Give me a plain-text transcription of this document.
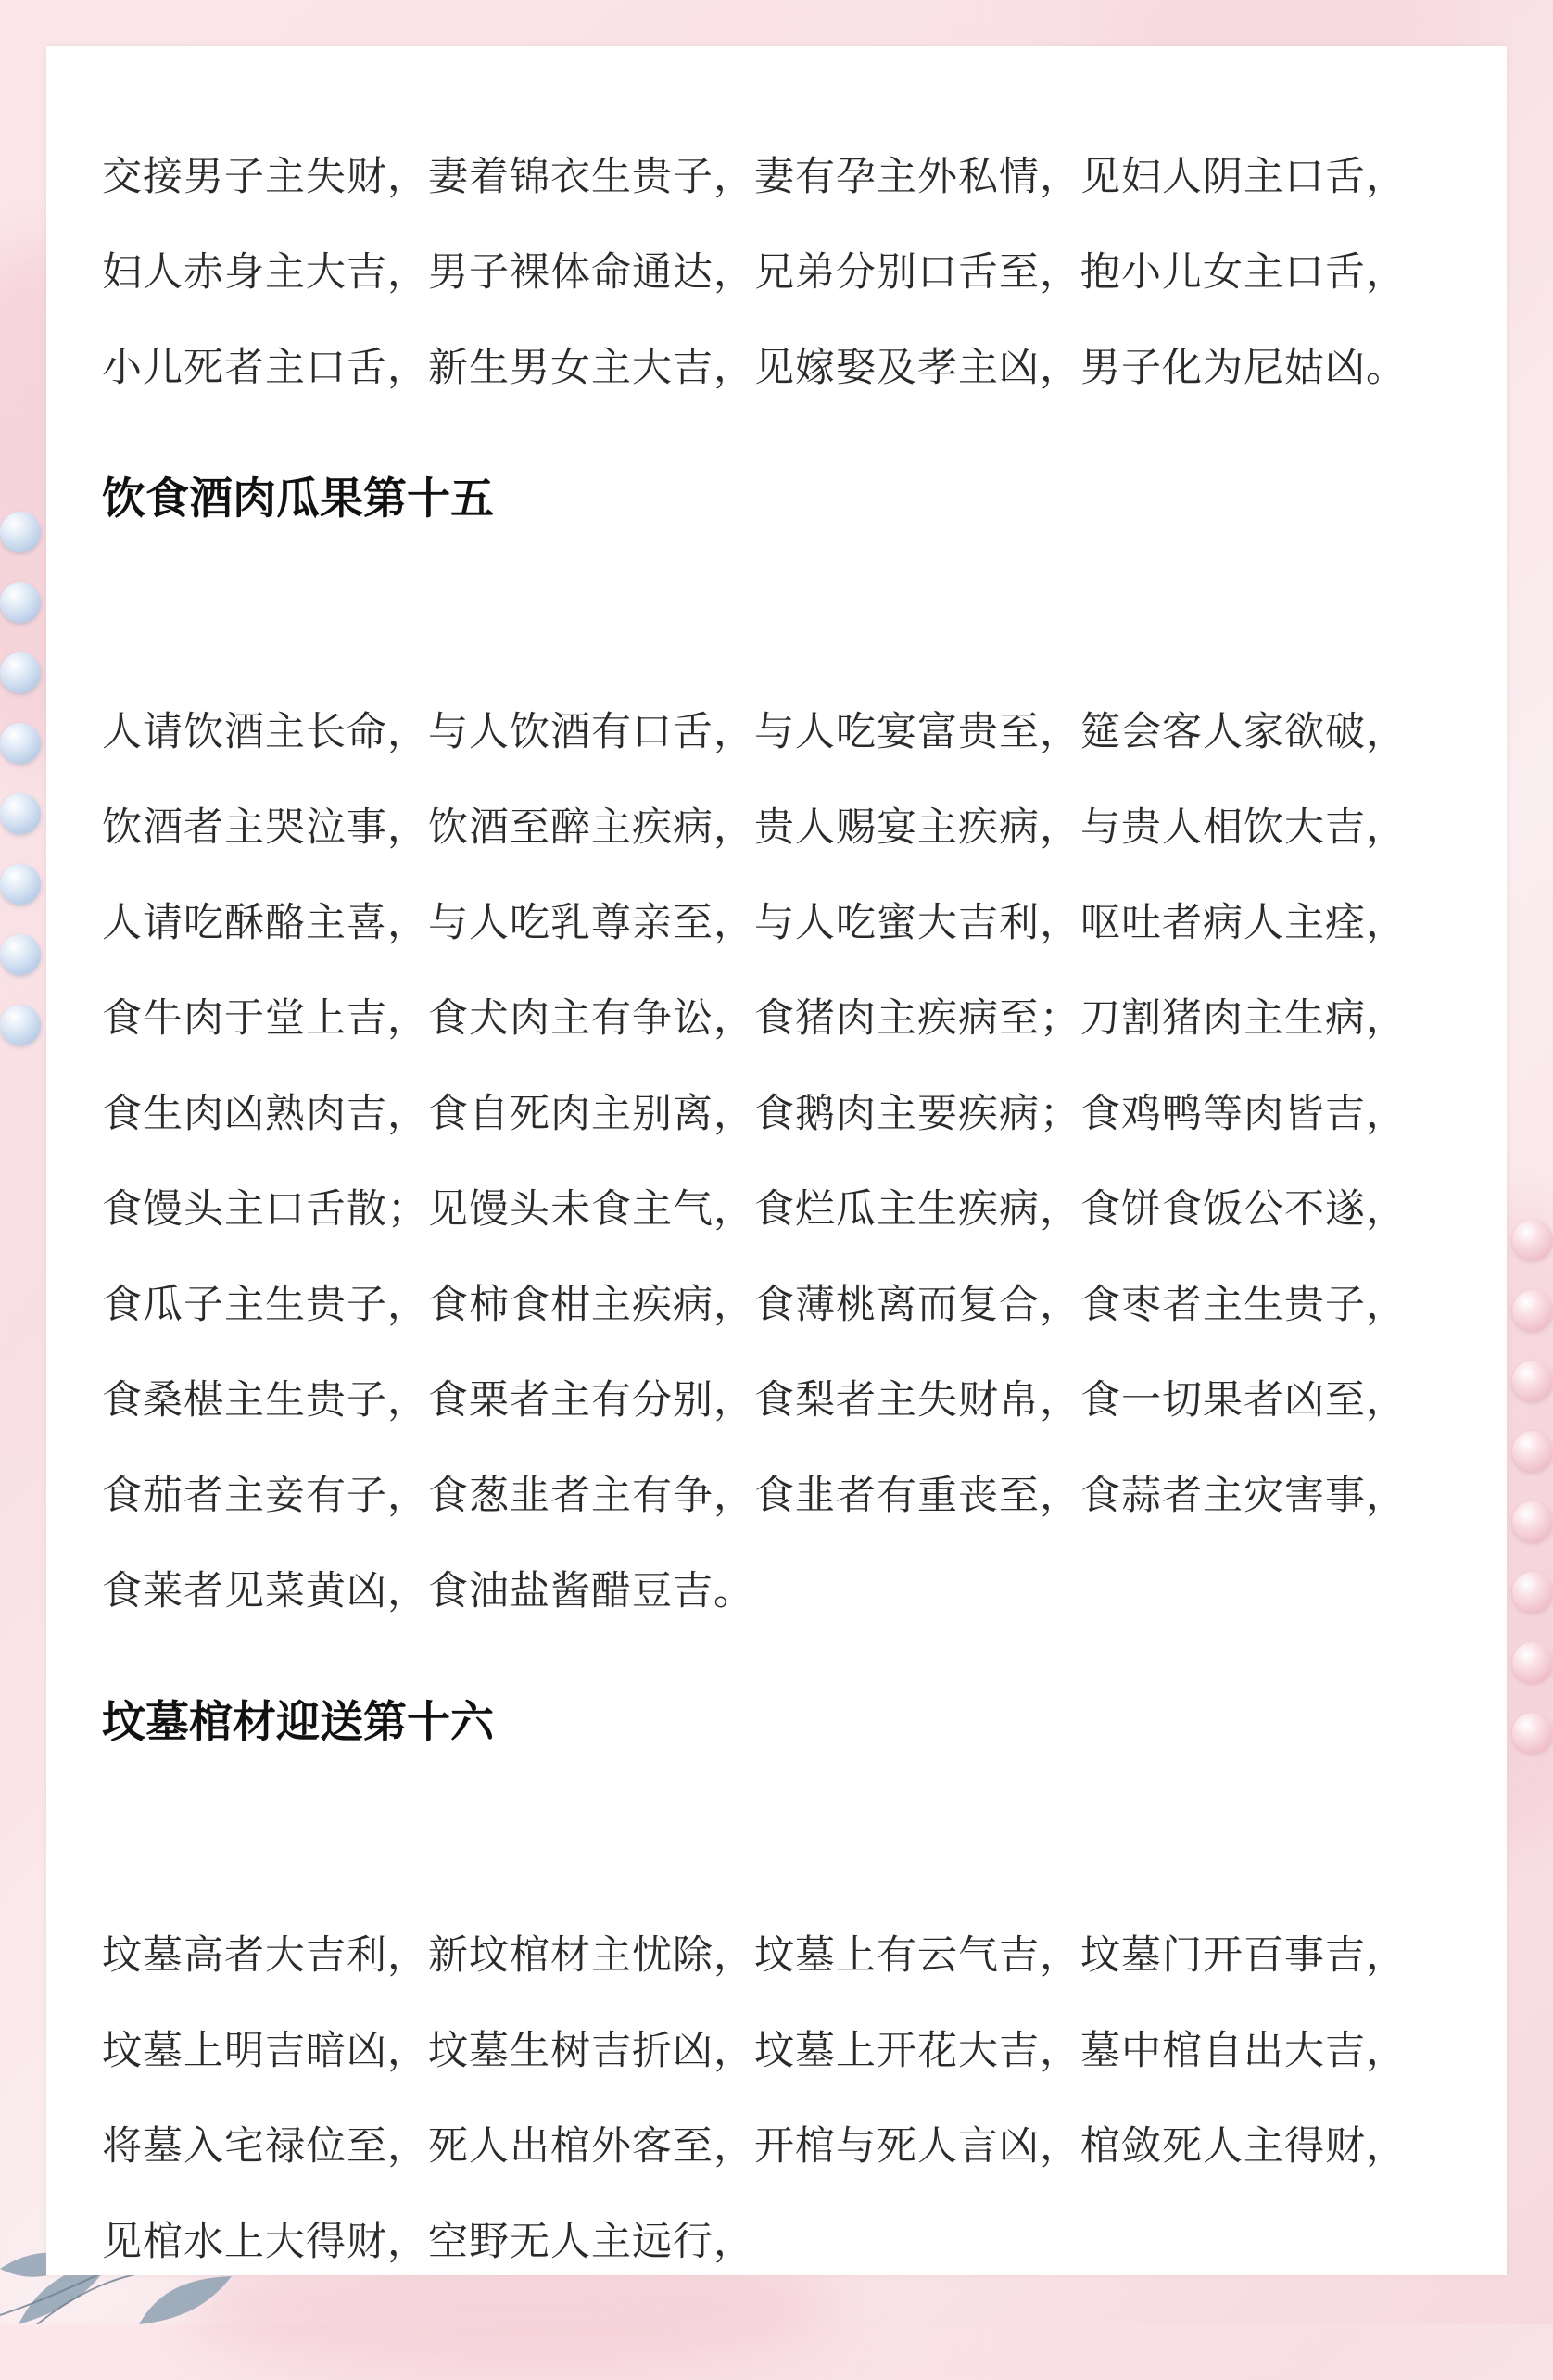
交接男子主失财，妻着锦衣生贵子，妻有孕主外私情，见妇人阴主口舌，

妇人赤身主大吉，男子裸体命通达，兄弟分别口舌至，抱小儿女主口舌，

小儿死者主口舌，新生男女主大吉，见嫁娶及孝主凶，男子化为尼姑凶。

饮食酒肉瓜果第十五

人请饮酒主长命，与人饮酒有口舌，与人吃宴富贵至，筵会客人家欲破，

饮酒者主哭泣事，饮酒至醉主疾病，贵人赐宴主疾病，与贵人相饮大吉，

人请吃酥酪主喜，与人吃乳尊亲至，与人吃蜜大吉利，呕吐者病人主痊，

食牛肉于堂上吉，食犬肉主有争讼，食猪肉主疾病至；刀割猪肉主生病，

食生肉凶熟肉吉，食自死肉主别离，食鹅肉主要疾病；食鸡鸭等肉皆吉，

食馒头主口舌散；见馒头未食主气，食烂瓜主生疾病，食饼食饭公不遂，

食瓜子主生贵子，食柿食柑主疾病，食薄桃离而复合，食枣者主生贵子，

食桑椹主生贵子，食栗者主有分别，食梨者主失财帛，食一切果者凶至，

食茄者主妾有子，食葱韭者主有争，食韭者有重丧至，食蒜者主灾害事，

食莱者见菜黄凶，食油盐酱醋豆吉。

坟墓棺材迎送第十六

坟墓高者大吉利，新坟棺材主忧除，坟墓上有云气吉，坟墓门开百事吉，

坟墓上明吉暗凶，坟墓生树吉折凶，坟墓上开花大吉，墓中棺自出大吉，

将墓入宅禄位至，死人出棺外客至，开棺与死人言凶，棺敛死人主得财，

见棺水上大得财，空野无人主远行，
